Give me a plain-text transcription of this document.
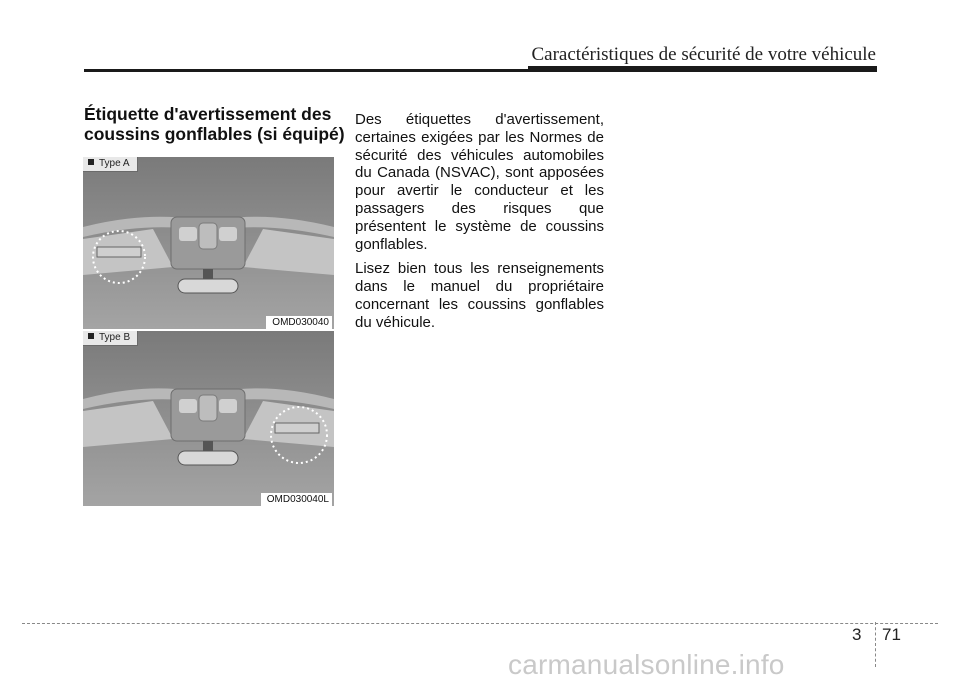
Caractéristiques de sécurité de votre véhicule
Étiquette d'avertissement des
coussins gonflables (si équipé)
Type A
OMD030040
Type B
OMD030040L

Des étiquettes d'avertissement, certaines exigées par les Normes de sécurité des véhicules automobiles du Canada (NSVAC), sont apposées pour avertir le conducteur et les passagers des risques que présentent le système de coussins gonflables.

Lisez bien tous les renseignements dans le manuel du propriétaire concernant les coussins gonflables du véhicule.

3 71
carmanualsonline.info
